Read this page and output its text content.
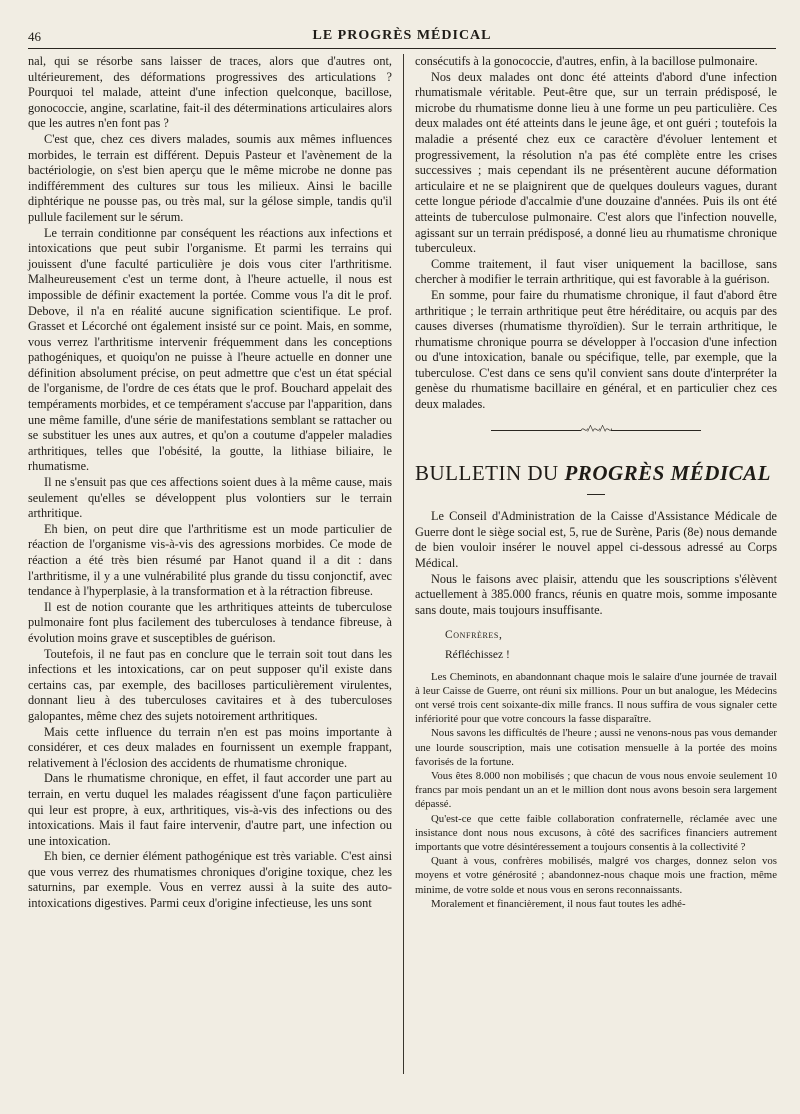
46	LE PROGRÈS MÉDICAL

nal, qui se résorbe sans laisser de traces, alors que d'autres ont, ultérieurement, des déformations progressives des articulations ? Pourquoi tel malade, atteint d'une infection quelconque, bacillose, gonococcie, angine, scarlatine, fait-il des déterminations articulaires alors que les autres n'en font pas ?

C'est que, chez ces divers malades, soumis aux mêmes influences morbides, le terrain est différent. Depuis Pasteur et l'avènement de la bactériologie, on s'est bien aperçu que le même microbe ne donne pas indifféremment des cultures sur tous les milieux. Ainsi le bacille diphtérique ne pousse pas, ou très mal, sur la gélose simple, tandis qu'il pullule facilement sur le sérum.

Le terrain conditionne par conséquent les réactions aux infections et intoxications que peut subir l'organisme. Et parmi les terrains qui jouissent d'une faculté particulière je dois vous citer l'arthritisme. Malheureusement c'est un terme dont, à l'heure actuelle, il nous est impossible de définir exactement la portée. Comme vous l'a dit le prof. Debove, il n'a en réalité aucune signification scientifique. Le prof. Grasset et Lécorché ont également insisté sur ce point. Mais, en somme, vous verrez l'arthritisme intervenir fréquemment dans les conceptions pathogéniques, et quoiqu'on ne puisse à l'heure actuelle en donner une définition absolument précise, on peut admettre que c'est un état spécial de l'organisme, de l'ordre de ces états que le prof. Bouchard appelait des tempéraments morbides, et ce tempérament s'accuse par l'apparition, dans une même famille, d'une série de manifestations semblant se rattacher ou se substituer les unes aux autres, et qu'on a coutume d'appeler maladies arthritiques, telles que l'obésité, la goutte, la lithiase biliaire, le rhumatisme.

Il ne s'ensuit pas que ces affections soient dues à la même cause, mais seulement qu'elles se développent plus volontiers sur le terrain arthritique.

Eh bien, on peut dire que l'arthritisme est un mode particulier de réaction de l'organisme vis-à-vis des agressions morbides. Ce mode de réaction a été très bien résumé par Hanot quand il a dit : dans l'arthritisme, il y a une vulnérabilité plus grande du tissu conjonctif, avec tendance à l'hyperplasie, à la transformation et à la rétraction fibreuse.

Il est de notion courante que les arthritiques atteints de tuberculose pulmonaire font plus facilement des tuberculoses à tendance fibreuse, à évolution moins grave et susceptibles de guérison.

Toutefois, il ne faut pas en conclure que le terrain soit tout dans les infections et les intoxications, car on peut supposer qu'il existe dans certains cas, par exemple, des bacilloses particulièrement virulentes, donnant lieu à des tuberculoses cavitaires et à des tuberculoses galopantes, même chez des sujets notoirement arthritiques.

Mais cette influence du terrain n'en est pas moins importante à considérer, et ces deux malades en fournissent un exemple frappant, relativement à l'éclosion des accidents de rhumatisme chronique.

Dans le rhumatisme chronique, en effet, il faut accorder une part au terrain, en vertu duquel les malades réagissent d'une façon particulière qui leur est propre, à eux, arthritiques, vis-à-vis des infections ou des intoxications. Mais il faut faire intervenir, d'autre part, une infection ou une intoxication.

Eh bien, ce dernier élément pathogénique est très variable. C'est ainsi que vous verrez des rhumatismes chroniques d'origine toxique, chez les saturnins, par exemple. Vous en verrez aussi à la suite des auto-intoxications digestives. Parmi ceux d'origine infectieuse, les uns sont

consécutifs à la gonococcie, d'autres, enfin, à la bacillose pulmonaire.

Nos deux malades ont donc été atteints d'abord d'une infection rhumatismale véritable. Peut-être que, sur un terrain prédisposé, le microbe du rhumatisme donne lieu à une forme un peu particulière. Ces deux malades ont été atteints dans le jeune âge, et ont guéri ; toutefois la maladie a présenté chez eux ce caractère d'évoluer lentement et progressivement, la résolution n'a pas été complète entre les crises successives ; mais cependant ils ne présentèrent aucune déformation articulaire et ne se plaignirent que de quelques douleurs vagues, durant cette longue période d'accalmie d'une douzaine d'années. Puis ils ont été atteints de tuberculose pulmonaire. C'est alors que l'infection nouvelle, agissant sur un terrain prédisposé, a donné lieu au rhumatisme chronique tuberculeux.

Comme traitement, il faut viser uniquement la bacillose, sans chercher à modifier le terrain arthritique, qui est favorable à la guérison.

En somme, pour faire du rhumatisme chronique, il faut d'abord être arthritique ; le terrain arthritique peut être héréditaire, ou acquis par des causes diverses (rhumatisme thyroïdien). Sur le terrain arthritique, le rhumatisme chronique pourra se développer à l'occasion d'une infection ou d'une intoxication, banale ou spécifique, telle, par exemple, que la tuberculose. C'est dans ce sens qu'il convient sans doute d'interpréter la genèse du rhumatisme bacillaire en général, et en particulier chez ces deux malades.

~^~^~
BULLETIN DU PROGRÈS MÉDICAL

Le Conseil d'Administration de la Caisse d'Assistance Médicale de Guerre dont le siège social est, 5, rue de Surène, Paris (8e) nous demande de bien vouloir insérer le nouvel appel ci-dessous adressé au Corps Médical.

Nous le faisons avec plaisir, attendu que les souscriptions s'élèvent actuellement à 385.000 francs, réunis en quatre mois, somme imposante sans doute, mais toujours insuffisante.

Confrères,
Réfléchissez !

Les Cheminots, en abandonnant chaque mois le salaire d'une journée de travail à leur Caisse de Guerre, ont réuni six millions. Pour un but analogue, les Médecins ont versé trois cent soixante-dix mille francs. Il nous suffira de vous signaler cette infériorité pour que votre concours la fasse disparaître.

Nous savons les difficultés de l'heure ; aussi ne venons-nous pas vous demander une lourde souscription, mais une cotisation mensuelle à la portée des moins favorisés de la fortune.

Vous êtes 8.000 non mobilisés ; que chacun de vous nous envoie seulement 10 francs par mois pendant un an et le million dont nous avons besoin sera largement dépassé.

Qu'est-ce que cette faible collaboration confraternelle, réclamée avec une insistance dont nous nous excusons, à côté des sacrifices financiers autrement importants que votre désintéressement a toujours consentis à la collectivité ?

Quant à vous, confrères mobilisés, malgré vos charges, donnez selon vos moyens et votre générosité ; abandonnez-nous chaque mois une fraction, même minime, de votre solde et nous vous en serons reconnaissants.

Moralement et financièrement, il nous faut toutes les adhé-
